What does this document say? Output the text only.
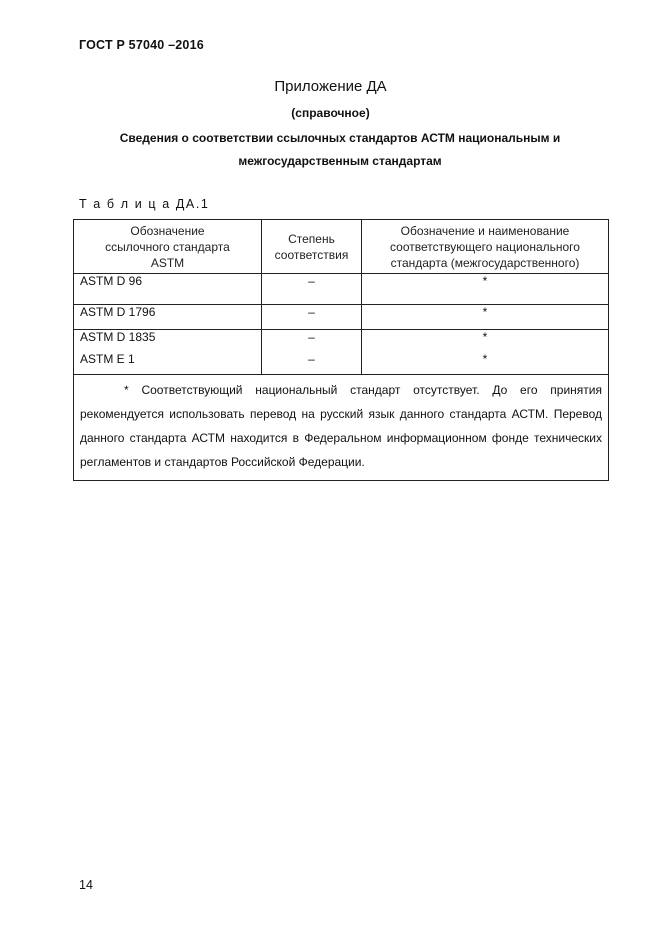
ГОСТ Р 57040 –2016
Приложение ДА
(справочное)
Сведения о соответствии ссылочных стандартов АСТМ национальным и межгосударственным стандартам
Т а б л и ц а ДА.1
Обозначение ссылочного стандарта ASTM	Степень соответствия	Обозначение и наименование соответствующего национального стандарта (межгосударственного)
ASTM D 96	–	*
ASTM D 1796	–	*
ASTM D 1835	–	*
ASTM E 1	–	*
* Соответствующий национальный стандарт отсутствует. До его принятия рекомендуется использовать перевод на русский язык данного стандарта АСТМ. Перевод данного стандарта АСТМ находится в Федеральном информационном фонде технических регламентов и стандартов Российской Федерации.		
14
